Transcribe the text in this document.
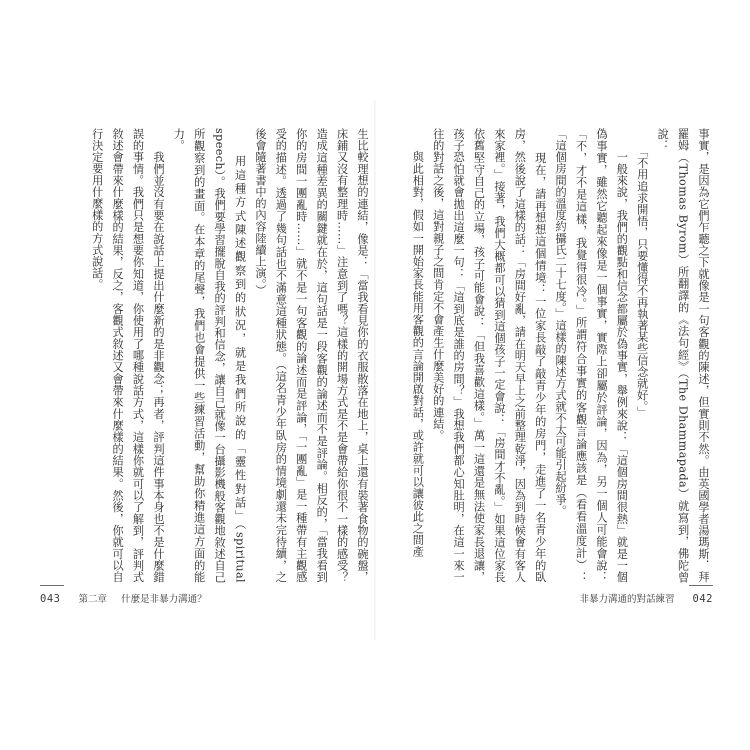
生比較理想的連結，像是：「當我看見你的衣服散落在地上，桌上還有裝著食物的碗盤，床鋪又沒有整理時……」注意到了嗎？這樣的開場方式是不是會帶給你很不一樣的感受？造成這種差異的關鍵就在於，這句話是一段客觀的論述而不是評論。相反的，「當我看到你的房間一團亂時……」就不是一句客觀的論述而是評論，「一團亂」是一種帶有主觀感受的描述。透過了幾句話也不滿意這種狀態。（這名青少年臥房的情境劇還未完待續，之後會隨著書中的內容陸續上演。）
　　用這種方式陳述觀察到的狀況，就是我們所說的「靈性對話」（spiritual speech）。我們要學習擺脫自我的評判和信念，讓自己就像一台攝影機般客觀地敘述自己所觀察到的畫面。在本章的尾聲，我們也會提供一些練習活動，幫助你精進這方面的能力。
　　我們並沒有要在說話上提出什麼新的是非觀念；再者，評判這件事本身也不是什麼錯誤的事情。我們只是想要你知道，你使用了哪種說話方式，這樣你就可以了解到，評判式敘述會帶來什麼樣的結果，反之，客觀式敘述又會帶來什麼樣的結果。然後，你就可以自行決定要用什麼樣的方式說話。	事實，是因為它們乍聽之下就像是一句客觀的陳述，但實則不然。由英國學者湯瑪斯．拜羅姆（Thomas Byrom）所翻譯的《法句經》（The Dhammapada）就寫到，佛陀曾說：
　　「不用追求開悟，只要懂得不再執著某些信念就好。」
　　一般來說，我們的觀點和信念都屬於偽事實，舉例來說：「這個房間很熱」就是一個偽事實，雖然它聽起來像是一個事實，實際上卻屬於評論，因為，另一個人可能會說：「不，才不是這樣，我覺得很冷。」所謂符合事實的客觀言論應該是（看看溫度計）：「這個房間的溫度約攝氏二十七度。」這樣的陳述方式就不太可能引起紛爭。
　　現在，請再想想這個情境：一位家長敲了敲青少年的房門，走進了一名青少年的臥房，然後說了這樣的話：「房間好亂，請在明天早上之前整理乾淨，因為到時候會有客人來家裡。」接著，我們大概都可以猜到這個孩子一定會說：「房間才不亂。」如果這位家長依舊堅守自己的立場，孩子可能會說：「但我喜歡這樣。」萬一這還是無法使家長退讓，孩子恐怕就會拋出這麼一句：「這到底是誰的房間？」我想我們都心知肚明，在這一來一往的對話之後，這對親子之間肯定不會產生什麼美好的連結。
　　與此相對，假如一開始家長能用客觀的言論開啟對話，或許就可以讓彼此之間產
043 第二章 什麼是非暴力溝通？	非暴力溝通的對話練習 042
